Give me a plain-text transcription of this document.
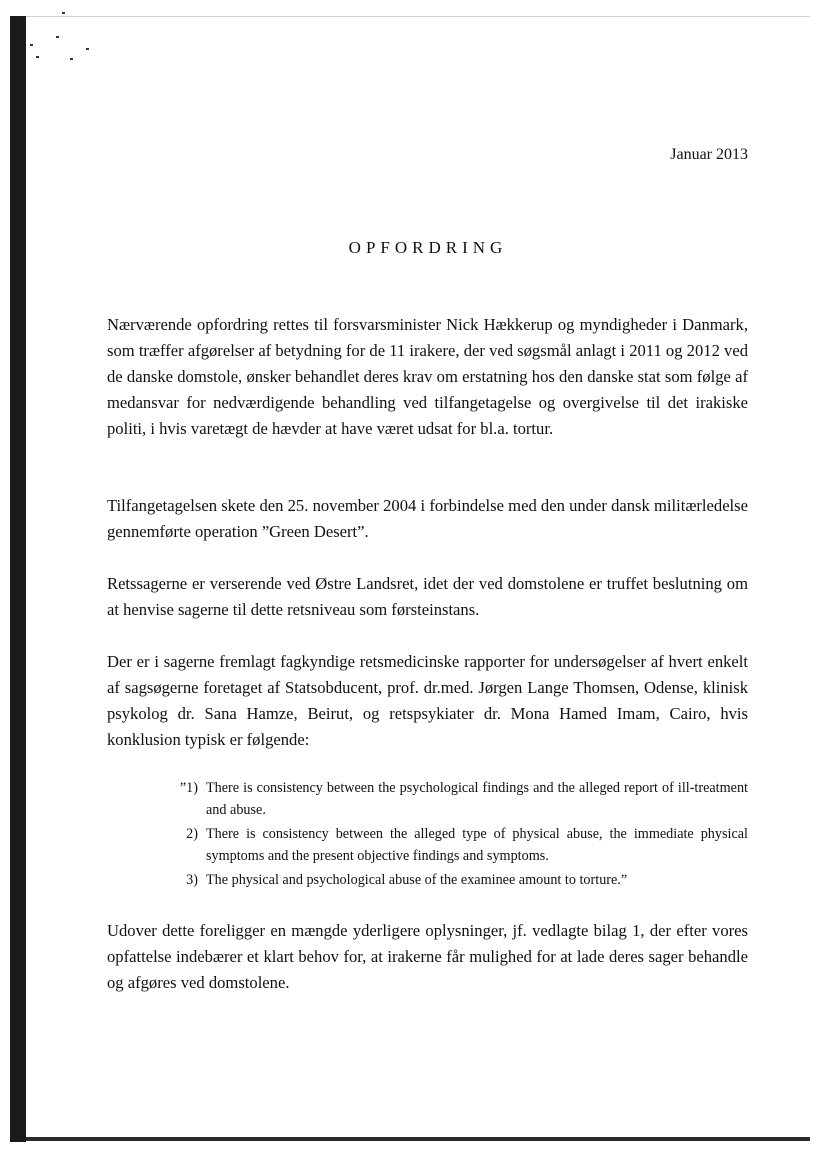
Januar 2013

OPFORDRING

Nærværende opfordring rettes til forsvarsminister Nick Hækkerup og myndigheder i Danmark, som træffer afgørelser af betydning for de 11 irakere, der ved søgsmål anlagt i 2011 og 2012 ved de danske domstole, ønsker behandlet deres krav om erstatning hos den danske stat som følge af medansvar for nedværdigende behandling ved tilfangetagelse og overgivelse til det irakiske politi, i hvis varetægt de hævder at have været udsat for bl.a. tortur.

Tilfangetagelsen skete den 25. november 2004 i forbindelse med den under dansk militærledelse gennemførte operation ”Green Desert”.

Retssagerne er verserende ved Østre Landsret, idet der ved domstolene er truffet beslutning om at henvise sagerne til dette retsniveau som førsteinstans.

Der er i sagerne fremlagt fagkyndige retsmedicinske rapporter for undersøgelser af hvert enkelt af sagsøgerne foretaget af Statsobducent, prof. dr.med. Jørgen Lange Thomsen, Odense, klinisk psykolog dr. Sana Hamze, Beirut, og retspsykiater dr. Mona Hamed Imam, Cairo, hvis konklusion typisk er følgende:

”1) There is consistency between the psychological findings and the alleged report of ill-treatment and abuse.
2) There is consistency between the alleged type of physical abuse, the immediate physical symptoms and the present objective findings and symptoms.
3) The physical and psychological abuse of the examinee amount to torture.”

Udover dette foreligger en mængde yderligere oplysninger, jf. vedlagte bilag 1, der efter vores opfattelse indebærer et klart behov for, at irakerne får mulighed for at lade deres sager behandle og afgøres ved domstolene.
